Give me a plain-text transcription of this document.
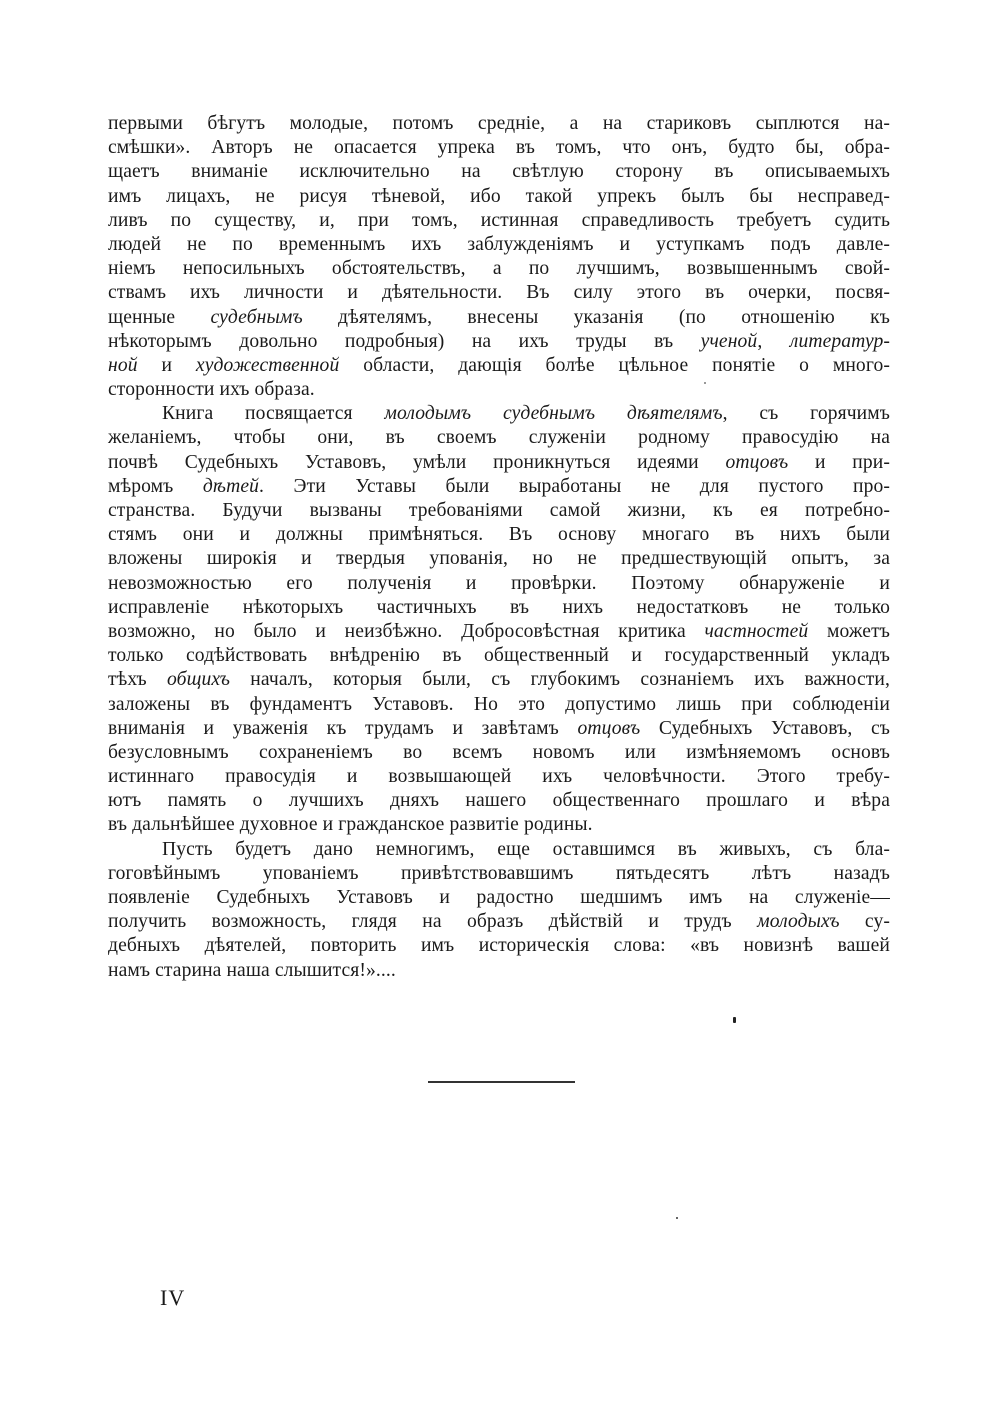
первыми бѣгутъ молодые, потомъ средніе, а на стариковъ сыплются на-
смѣшки». Авторъ не опасается упрека въ томъ, что онъ, будто бы, обра-
щаетъ вниманіе исключительно на свѣтлую сторону въ описываемыхъ
имъ лицахъ, не рисуя тѣневой, ибо такой упрекъ былъ бы несправед-
ливъ по существу, и, при томъ, истинная справедливость требуетъ судить
людей не по временнымъ ихъ заблужденіямъ и уступкамъ подъ давле-
ніемъ непосильныхъ обстоятельствъ, а по лучшимъ, возвышеннымъ свой-
ствамъ ихъ личности и дѣятельности. Въ силу этого въ очерки, посвя-
щенные судебнымъ дѣятелямъ, внесены указанія (по отношенію къ
нѣкоторымъ довольно подробныя) на ихъ труды въ ученой, литератур-
ной и художественной области, дающія болѣе цѣльное понятіе о много-
сторонности ихъ образа.
Книга посвящается молодымъ судебнымъ дѣятелямъ, съ горячимъ
желаніемъ, чтобы они, въ своемъ служеніи родному правосудію на
почвѣ Судебныхъ Уставовъ, умѣли проникнуться идеями отцовъ и при-
мѣромъ дѣтей. Эти Уставы были выработаны не для пустого про-
странства. Будучи вызваны требованіями самой жизни, къ ея потребно-
стямъ они и должны примѣняться. Въ основу многаго въ нихъ были
вложены широкія и твердыя упованія, но не предшествующій опытъ, за
невозможностью его полученія и провѣрки. Поэтому обнаруженіе и
исправленіе нѣкоторыхъ частичныхъ въ нихъ недостатковъ не только
возможно, но было и неизбѣжно. Добросовѣстная критика частностей можетъ
только содѣйствовать внѣдренію въ общественный и государственный укладъ
тѣхъ общихъ началъ, которыя были, съ глубокимъ сознаніемъ ихъ важности,
заложены въ фундаментъ Уставовъ. Но это допустимо лишь при соблюденіи
вниманія и уваженія къ трудамъ и завѣтамъ отцовъ Судебныхъ Уставовъ, съ
безусловнымъ сохраненіемъ во всемъ новомъ или измѣняемомъ основъ
истиннаго правосудія и возвышающей ихъ человѣчности. Этого требу-
ютъ память о лучшихъ дняхъ нашего общественнаго прошлаго и вѣра
въ дальнѣйшее духовное и гражданское развитіе родины.
Пусть будетъ дано немногимъ, еще оставшимся въ живыхъ, съ бла-
гоговѣйнымъ упованіемъ привѣтствовавшимъ пятьдесятъ лѣтъ назадъ
появленіе Судебныхъ Уставовъ и радостно шедшимъ имъ на служеніе—
получить возможность, глядя на образъ дѣйствій и трудъ молодыхъ су-
дебныхъ дѣятелей, повторить имъ историческія слова: «въ новизнѣ вашей
намъ старина наша слышится!»....
IV
